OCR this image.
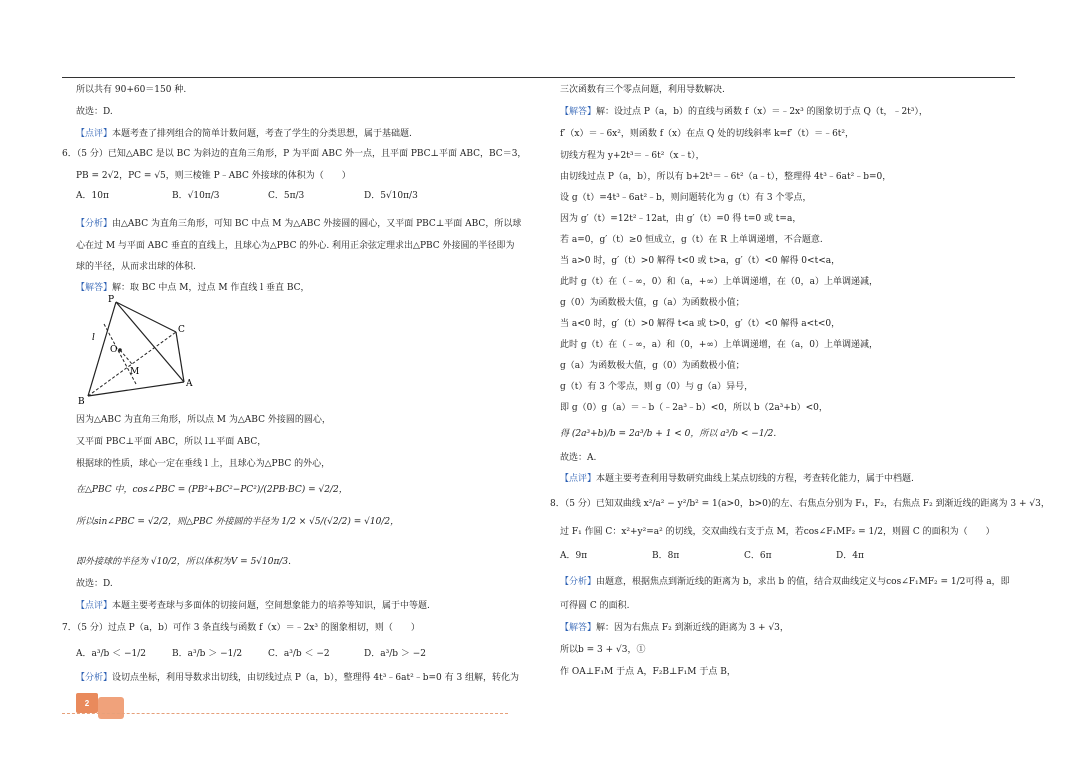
所以共有 90+60＝150 种.
故选：D.
【点评】本题考查了排列组合的简单计数问题，考查了学生的分类思想，属于基础题.
6．（5 分）已知△ABC 是以 BC 为斜边的直角三角形，P 为平面 ABC 外一点，且平面 PBC⊥平面 ABC，BC＝3，
PB = 2√2，PC = √5，则三棱锥 P﹣ABC 外接球的体积为（　　）
A．10π	B．√10π/3	C．5π/3	D．5√10π/3
【分析】由△ABC 为直角三角形，可知 BC 中点 M 为△ABC 外接圆的圆心，又平面 PBC⊥平面 ABC，所以球
心在过 M 与平面 ABC 垂直的直线上，且球心为△PBC 的外心. 利用正余弦定理求出△PBC 外接圆的半径即为
球的半径，从而求出球的体积.
【解答】解：取 BC 中点 M，过点 M 作直线 l 垂直 BC，
P
C
l
O
M
A
B
因为△ABC 为直角三角形，所以点 M 为△ABC 外接圆的圆心，
又平面 PBC⊥平面 ABC，所以 l⊥平面 ABC，
根据球的性质，球心一定在垂线 l 上，且球心为△PBC 的外心，
在△PBC 中，cos∠PBC = (PB²+BC²−PC²)/(2PB·BC) = √2/2，
所以sin∠PBC = √2/2，则△PBC 外接圆的半径为 1/2 × √5/(√2/2) = √10/2，
即外接球的半径为 √10/2，所以体积为V = 5√10π/3.
故选：D.
【点评】本题主要考查球与多面体的切接问题，空间想象能力的培养等知识，属于中等题.
7．（5 分）过点 P（a，b）可作 3 条直线与函数 f（x）＝﹣2x³ 的图象相切，则（　　）
A．a³/b ＜ −1/2	B．a³/b ＞ −1/2	C．a³/b ＜ −2	D．a³/b ＞ −2
【分析】设切点坐标，利用导数求出切线，由切线过点 P（a，b），整理得 4t³﹣6at²﹣b=0 有 3 组解，转化为
三次函数有三个零点问题，利用导数解决.
【解答】解：设过点 P（a，b）的直线与函数 f（x）＝﹣2x³ 的图象切于点 Q（t，﹣2t³），
f′（x）＝﹣6x²，则函数 f（x）在点 Q 处的切线斜率 k=f′（t）＝﹣6t²，
切线方程为 y+2t³＝﹣6t²（x﹣t），
由切线过点 P（a，b），所以有 b+2t³＝﹣6t²（a﹣t），整理得 4t³﹣6at²﹣b=0，
设 g（t）=4t³﹣6at²﹣b，则问题转化为 g（t）有 3 个零点，
因为 g′（t）=12t²﹣12at，由 g′（t）=0 得 t=0 或 t=a，
若 a=0，g′（t）≥0 恒成立，g（t）在 R 上单调递增，不合题意.
当 a>0 时，g′（t）>0 解得 t<0 或 t>a，g′（t）<0 解得 0<t<a，
此时 g（t）在（﹣∞，0）和（a，+∞）上单调递增，在（0，a）上单调递减，
g（0）为函数极大值，g（a）为函数极小值；
当 a<0 时，g′（t）>0 解得 t<a 或 t>0，g′（t）<0 解得 a<t<0，
此时 g（t）在（﹣∞，a）和（0，+∞）上单调递增，在（a，0）上单调递减，
g（a）为函数极大值，g（0）为函数极小值；
g（t）有 3 个零点，则 g（0）与 g（a）异号，
即 g（0）g（a）＝﹣b（﹣2a³﹣b）<0，所以 b（2a³+b）<0，
得 (2a³+b)/b = 2a³/b + 1 < 0，所以 a³/b < −1/2.
故选：A.
【点评】本题主要考查利用导数研究曲线上某点切线的方程，考查转化能力，属于中档题.
8．（5 分）已知双曲线 x²/a² − y²/b² = 1(a>0，b>0)的左、右焦点分别为 F₁，F₂，右焦点 F₂ 到渐近线的距离为 3 + √3，
过 F₁ 作圆 C：x²+y²=a² 的切线，交双曲线右支于点 M，若cos∠F₁MF₂ = 1/2，则圆 C 的面积为（　　）
A．9π	B．8π	C．6π	D．4π
【分析】由题意，根据焦点到渐近线的距离为 b，求出 b 的值，结合双曲线定义与cos∠F₁MF₂ = 1/2可得 a，即
可得圆 C 的面积.
【解答】解：因为右焦点 F₂ 到渐近线的距离为 3 + √3，
所以b = 3 + √3，①
作 OA⊥F₁M 于点 A，F₂B⊥F₁M 于点 B，
2
